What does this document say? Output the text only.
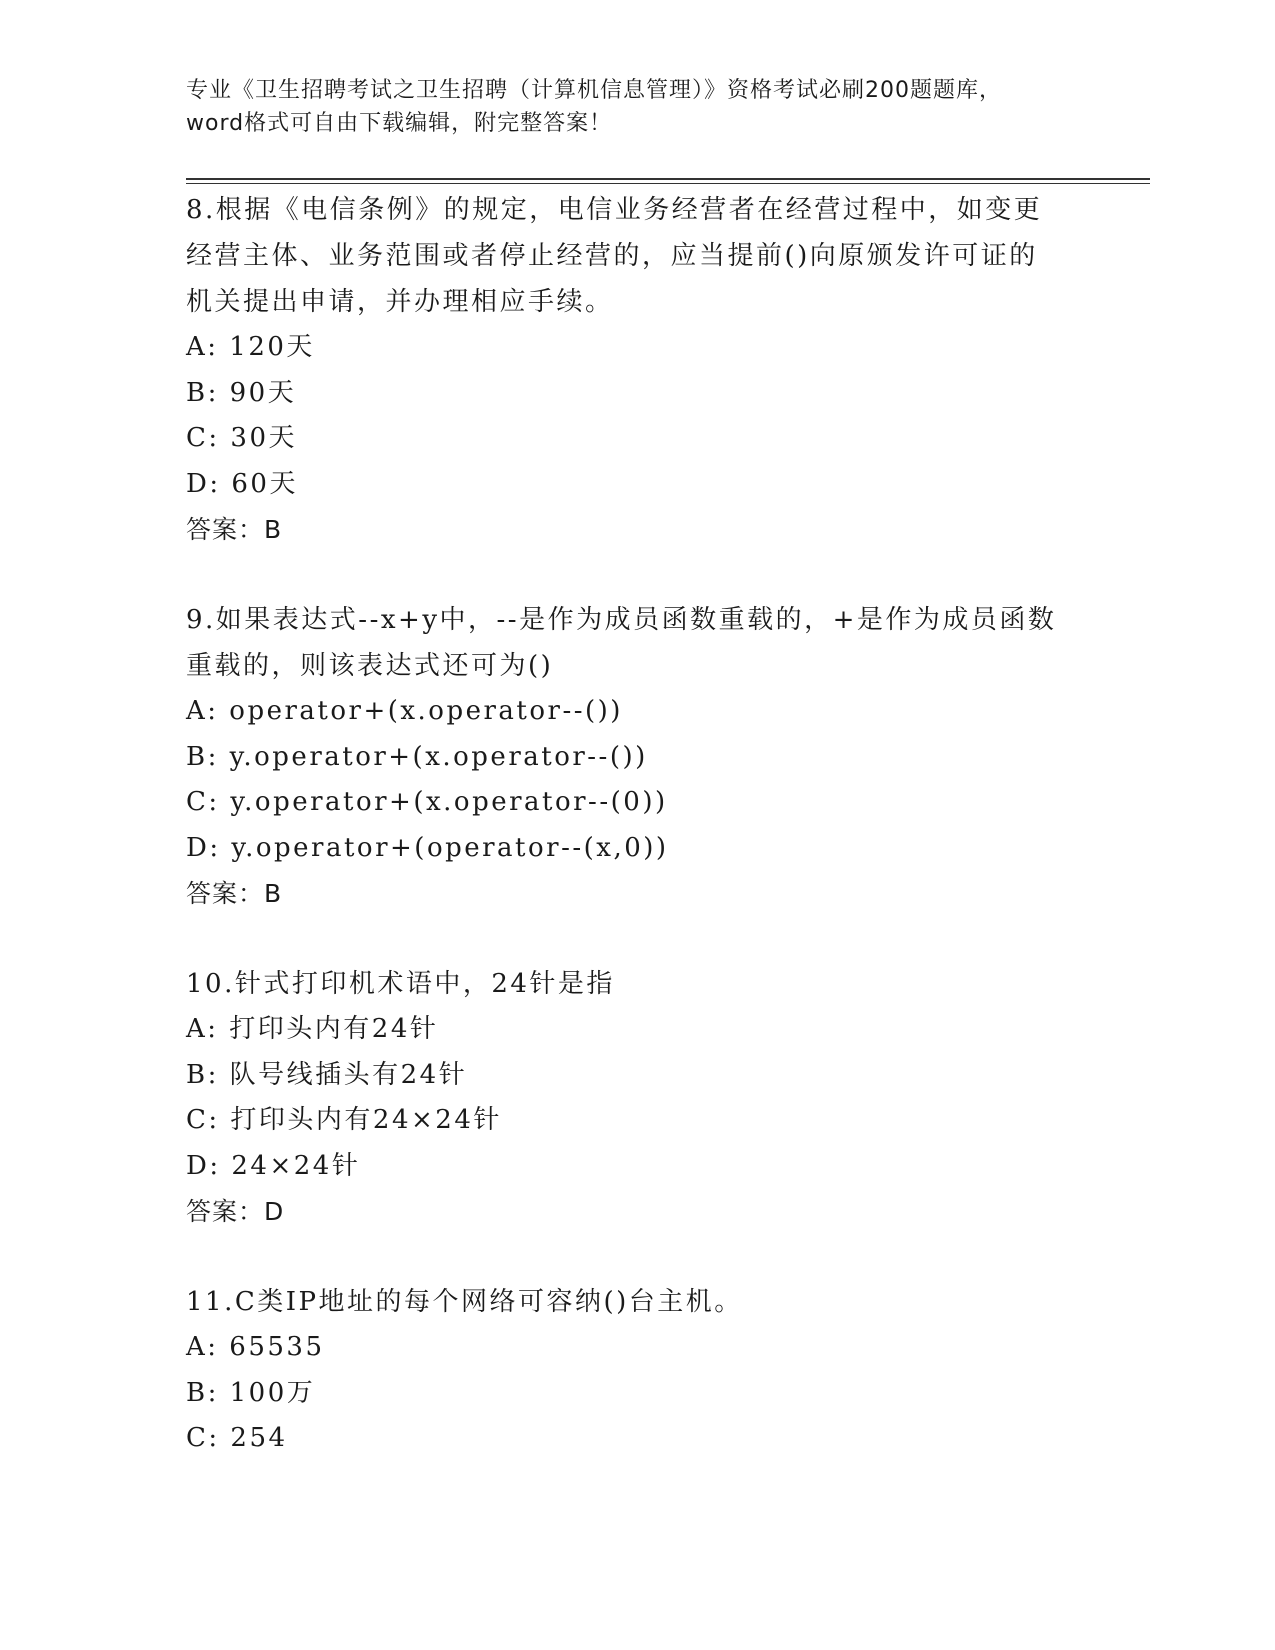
专业《卫生招聘考试之卫生招聘（计算机信息管理）》资格考试必刷200题题库，
word格式可自由下载编辑，附完整答案！
8.根据《电信条例》的规定，电信业务经营者在经营过程中，如变更
经营主体、业务范围或者停止经营的，应当提前()向原颁发许可证的
机关提出申请，并办理相应手续。
A: 120天
B: 90天
C: 30天
D: 60天
答案：B
9.如果表达式--x+y中，--是作为成员函数重载的，+是作为成员函数
重载的，则该表达式还可为()
A: operator+(x.operator--())
B: y.operator+(x.operator--())
C: y.operator+(x.operator--(0))
D: y.operator+(operator--(x,0))
答案：B
10.针式打印机术语中，24针是指
A: 打印头内有24针
B: 队号线插头有24针
C: 打印头内有24×24针
D: 24×24针
答案：D
11.C类IP地址的每个网络可容纳()台主机。
A: 65535
B: 100万
C: 254
